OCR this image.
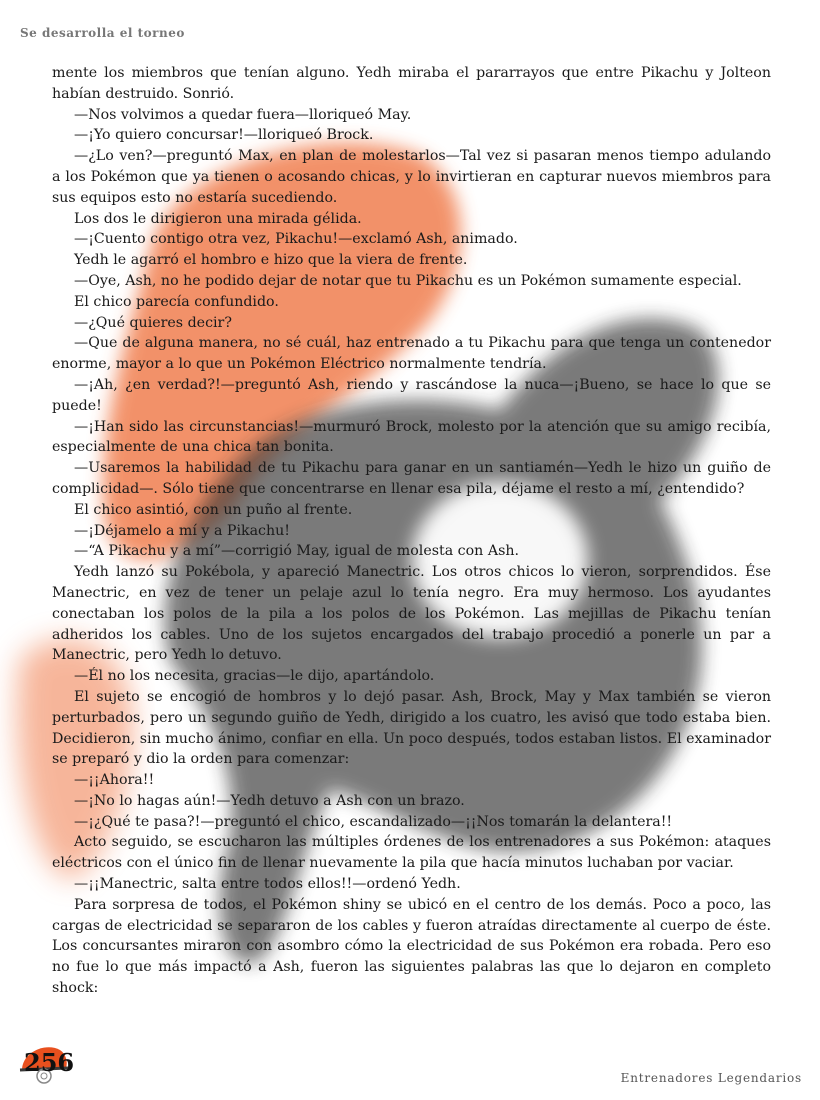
Se desarrolla el torneo

mente los miembros que tenían alguno. Yedh miraba el pararrayos que entre Pikachu y Jolteon habían destruido. Sonrió.

—Nos volvimos a quedar fuera—lloriqueó May.

—¡Yo quiero concursar!—lloriqueó Brock.

—¿Lo ven?—preguntó Max, en plan de molestarlos—Tal vez si pasaran menos tiempo adulando a los Pokémon que ya tienen o acosando chicas, y lo invirtieran en capturar nuevos miembros para sus equipos esto no estaría sucediendo.

Los dos le dirigieron una mirada gélida.

—¡Cuento contigo otra vez, Pikachu!—exclamó Ash, animado.

Yedh le agarró el hombro e hizo que la viera de frente.

—Oye, Ash, no he podido dejar de notar que tu Pikachu es un Pokémon sumamente especial.

El chico parecía confundido.

—¿Qué quieres decir?

—Que de alguna manera, no sé cuál, haz entrenado a tu Pikachu para que tenga un contenedor enorme, mayor a lo que un Pokémon Eléctrico normalmente tendría.

—¡Ah, ¿en verdad?!—preguntó Ash, riendo y rascándose la nuca—¡Bueno, se hace lo que se puede!

—¡Han sido las circunstancias!—murmuró Brock, molesto por la atención que su amigo recibía, especialmente de una chica tan bonita.

—Usaremos la habilidad de tu Pikachu para ganar en un santiamén—Yedh le hizo un guiño de complicidad—. Sólo tiene que concentrarse en llenar esa pila, déjame el resto a mí, ¿entendido?

El chico asintió, con un puño al frente.

—¡Déjamelo a mí y a Pikachu!

—“A Pikachu y a mí”—corrigió May, igual de molesta con Ash.

Yedh lanzó su Pokébola, y apareció Manectric. Los otros chicos lo vieron, sorprendidos. Ése Manectric, en vez de tener un pelaje azul lo tenía negro. Era muy hermoso. Los ayudantes conectaban los polos de la pila a los polos de los Pokémon. Las mejillas de Pikachu tenían adheridos los cables. Uno de los sujetos encargados del trabajo procedió a ponerle un par a Manectric, pero Yedh lo detuvo.

—Él no los necesita, gracias—le dijo, apartándolo.

El sujeto se encogió de hombros y lo dejó pasar. Ash, Brock, May y Max también se vieron perturbados, pero un segundo guiño de Yedh, dirigido a los cuatro, les avisó que todo estaba bien. Decidieron, sin mucho ánimo, confiar en ella. Un poco después, todos estaban listos. El examinador se preparó y dio la orden para comenzar:

—¡¡Ahora!!

—¡No lo hagas aún!—Yedh detuvo a Ash con un brazo.

—¡¿Qué te pasa?!—preguntó el chico, escandalizado—¡¡Nos tomarán la delantera!!

Acto seguido, se escucharon las múltiples órdenes de los entrenadores a sus Pokémon: ataques eléctricos con el único fin de llenar nuevamente la pila que hacía minutos luchaban por vaciar.

—¡¡Manectric, salta entre todos ellos!!—ordenó Yedh.

Para sorpresa de todos, el Pokémon shiny se ubicó en el centro de los demás. Poco a poco, las cargas de electricidad se separaron de los cables y fueron atraídas directamente al cuerpo de éste. Los concursantes miraron con asombro cómo la electricidad de sus Pokémon era robada. Pero eso no fue lo que más impactó a Ash, fueron las siguientes palabras las que lo dejaron en completo shock:

256
Entrenadores Legendarios
